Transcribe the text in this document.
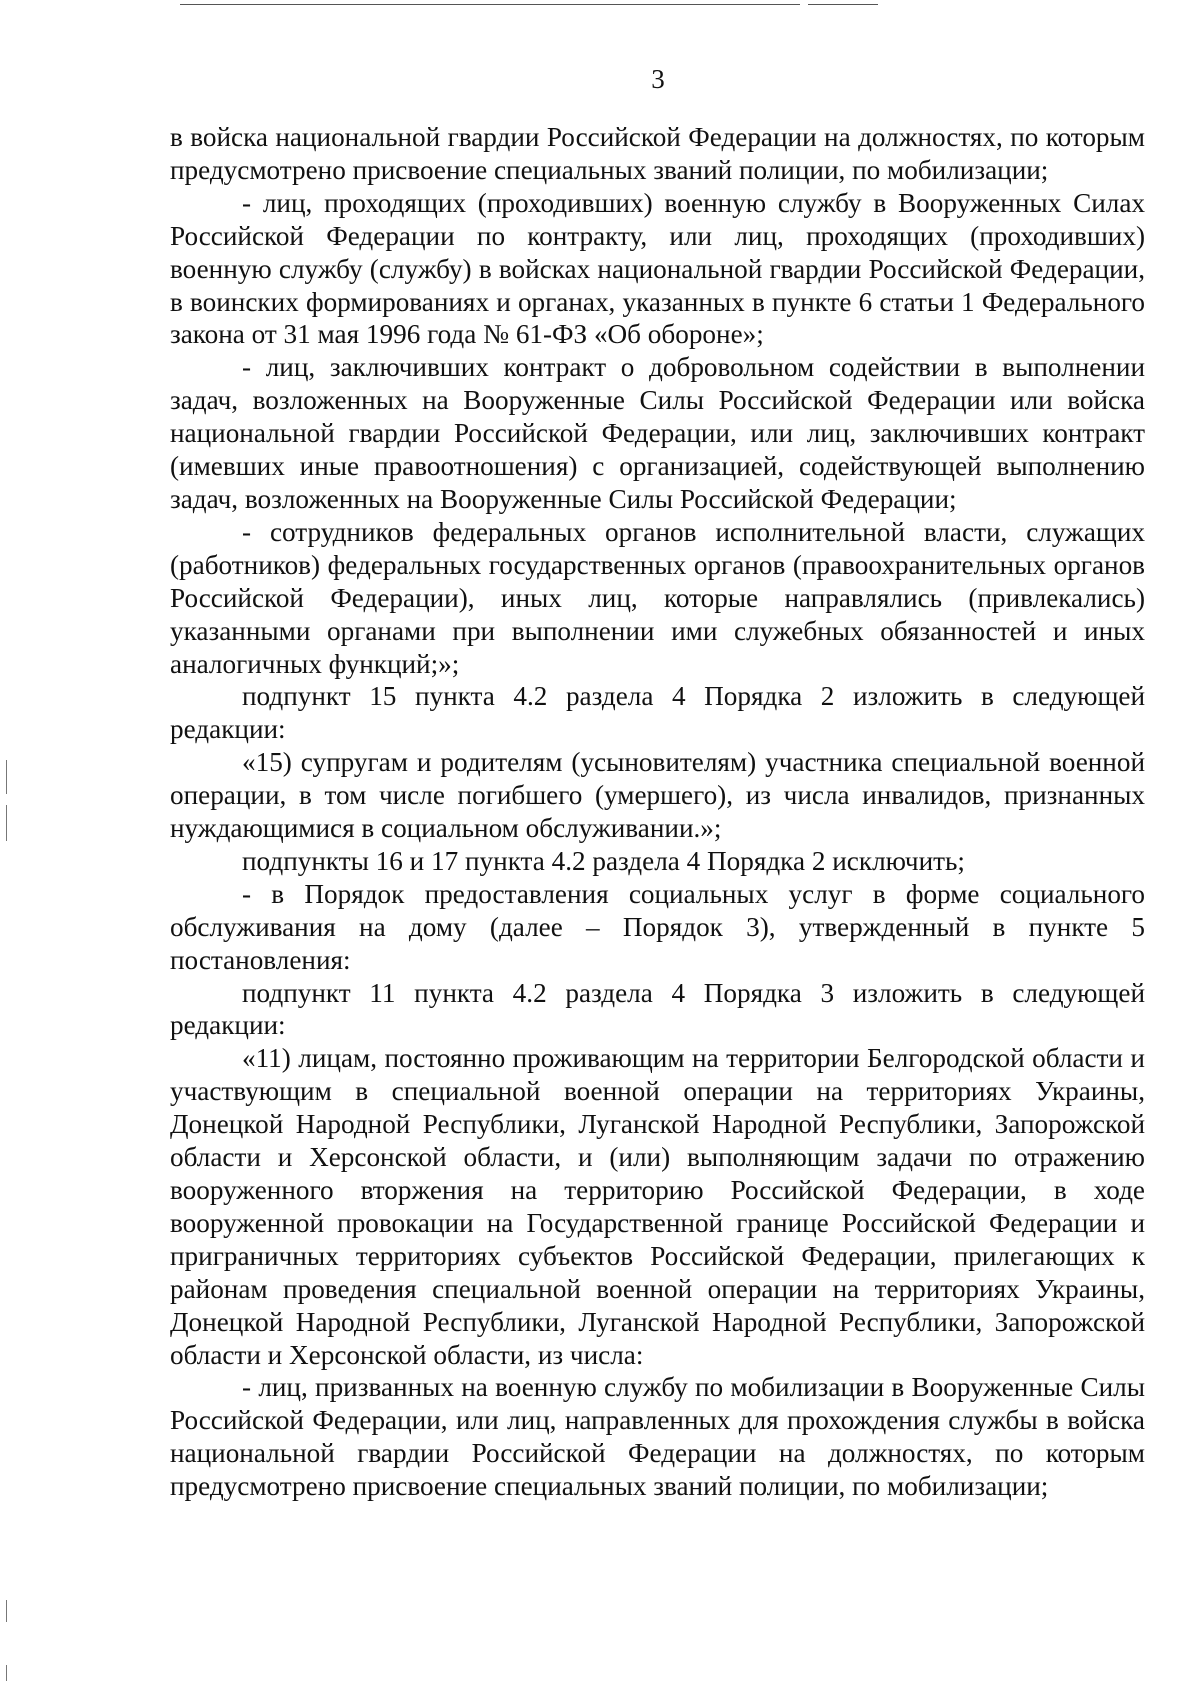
3

в войска национальной гвардии Российской Федерации на должностях, по которым предусмотрено присвоение специальных званий полиции, по мобилизации;

- лиц, проходящих (проходивших) военную службу в Вооруженных Силах Российской Федерации по контракту, или лиц, проходящих (проходивших) военную службу (службу) в войсках национальной гвардии Российской Федерации, в воинских формированиях и органах, указанных в пункте 6 статьи 1 Федерального закона от 31 мая 1996 года № 61-ФЗ «Об обороне»;

- лиц, заключивших контракт о добровольном содействии в выполнении задач, возложенных на Вооруженные Силы Российской Федерации или войска национальной гвардии Российской Федерации, или лиц, заключивших контракт (имевших иные правоотношения) с организацией, содействующей выполнению задач, возложенных на Вооруженные Силы Российской Федерации;

- сотрудников федеральных органов исполнительной власти, служащих (работников) федеральных государственных органов (правоохранительных органов Российской Федерации), иных лиц, которые направлялись (привлекались) указанными органами при выполнении ими служебных обязанностей и иных аналогичных функций;»;

подпункт 15 пункта 4.2 раздела 4 Порядка 2 изложить в следующей редакции:

«15) супругам и родителям (усыновителям) участника специальной военной операции, в том числе погибшего (умершего), из числа инвалидов, признанных нуждающимися в социальном обслуживании.»;

подпункты 16 и 17 пункта 4.2 раздела 4 Порядка 2 исключить;

- в Порядок предоставления социальных услуг в форме социального обслуживания на дому (далее – Порядок 3), утвержденный в пункте 5 постановления:

подпункт 11 пункта 4.2 раздела 4 Порядка 3 изложить в следующей редакции:

«11) лицам, постоянно проживающим на территории Белгородской области и участвующим в специальной военной операции на территориях Украины, Донецкой Народной Республики, Луганской Народной Республики, Запорожской области и Херсонской области, и (или) выполняющим задачи по отражению вооруженного вторжения на территорию Российской Федерации, в ходе вооруженной провокации на Государственной границе Российской Федерации и приграничных территориях субъектов Российской Федерации, прилегающих к районам проведения специальной военной операции на территориях Украины, Донецкой Народной Республики, Луганской Народной Республики, Запорожской области и Херсонской области, из числа:

- лиц, призванных на военную службу по мобилизации в Вооруженные Силы Российской Федерации, или лиц, направленных для прохождения службы в войска национальной гвардии Российской Федерации на должностях, по которым предусмотрено присвоение специальных званий полиции, по мобилизации;
